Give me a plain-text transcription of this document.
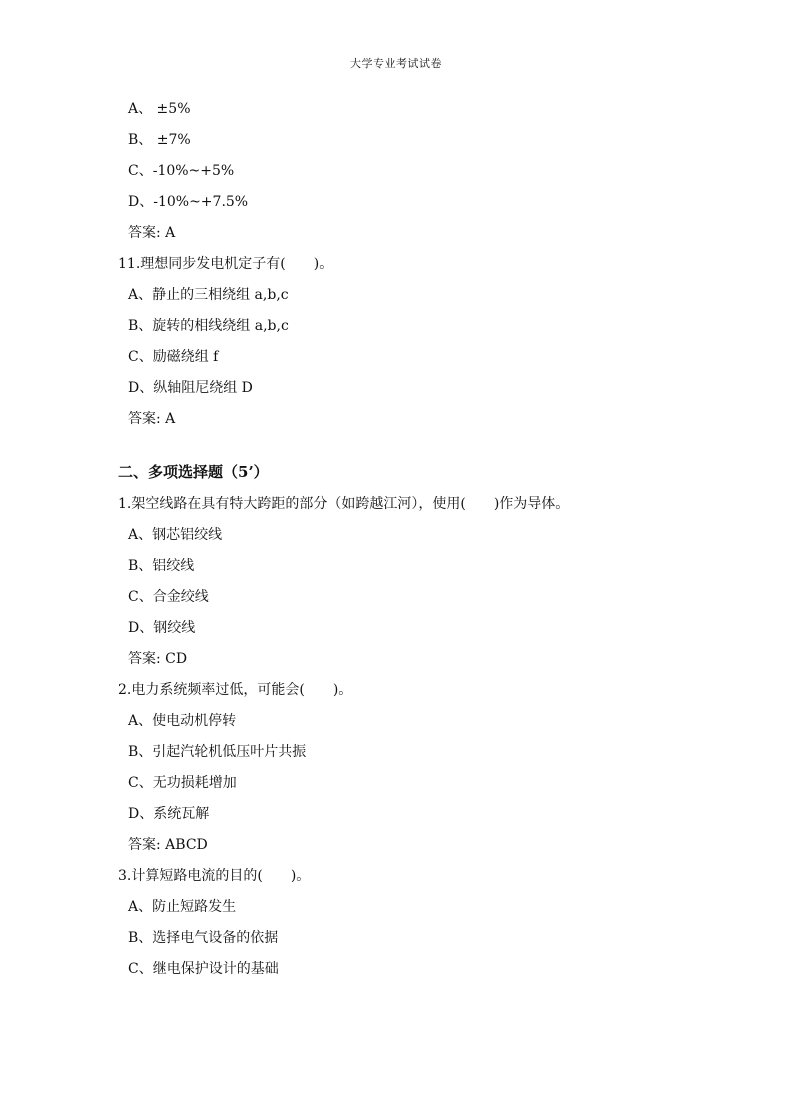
大学专业考试试卷
A、 ±5%
B、 ±7%
C、-10%~+5%
D、-10%~+7.5%
答案: A
11.理想同步发电机定子有(　　)。
A、静止的三相绕组 a,b,c
B、旋转的相线绕组 a,b,c
C、励磁绕组 f
D、纵轴阻尼绕组 D
答案: A
二、多项选择题（5’）
1.架空线路在具有特大跨距的部分（如跨越江河），使用(　　)作为导体。
A、钢芯铝绞线
B、铝绞线
C、合金绞线
D、钢绞线
答案: CD
2.电力系统频率过低，可能会(　　)。
A、使电动机停转
B、引起汽轮机低压叶片共振
C、无功损耗增加
D、系统瓦解
答案: ABCD
3.计算短路电流的目的(　　)。
A、防止短路发生
B、选择电气设备的依据
C、继电保护设计的基础
